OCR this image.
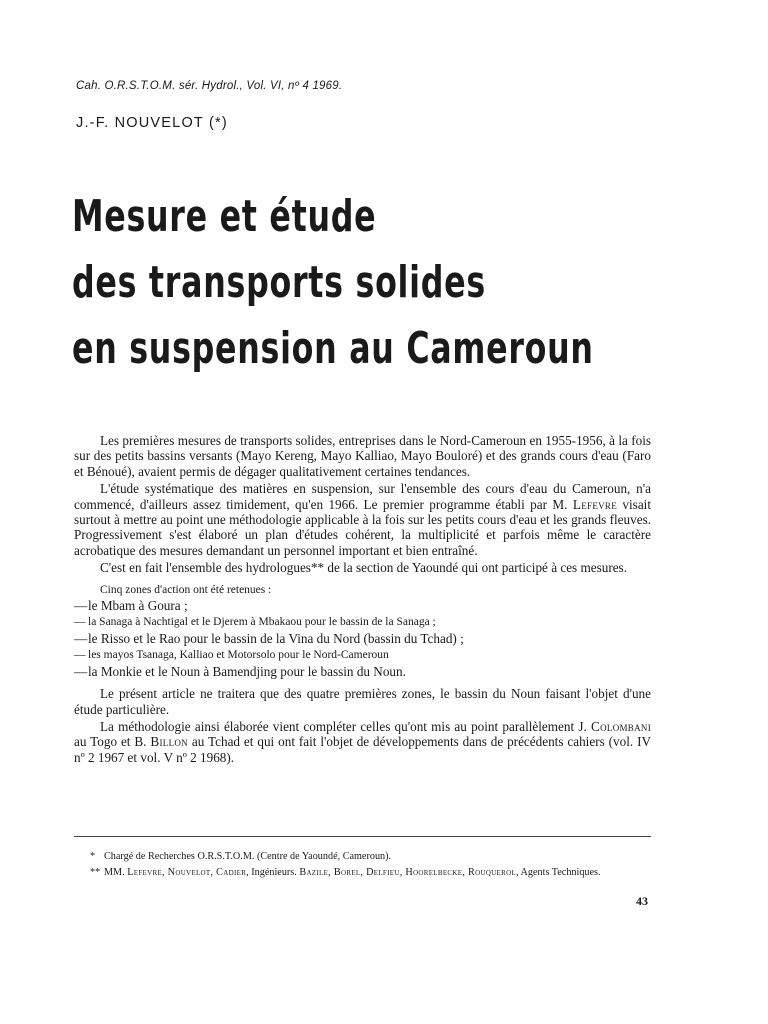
Cah. O.R.S.T.O.M. sér. Hydrol., Vol. VI, nº 4 1969.
J.-F. NOUVELOT (*)
Mesure et étude
des transports solides
en suspension au Cameroun

Les premières mesures de transports solides, entreprises dans le Nord-Cameroun en 1955-1956, à la fois sur des petits bassins versants (Mayo Kereng, Mayo Kalliao, Mayo Bouloré) et des grands cours d'eau (Faro et Bénoué), avaient permis de dégager qualitativement certaines tendances.

L'étude systématique des matières en suspension, sur l'ensemble des cours d'eau du Cameroun, n'a commencé, d'ailleurs assez timidement, qu'en 1966. Le premier programme établi par M. Lefevre visait surtout à mettre au point une méthodologie applicable à la fois sur les petits cours d'eau et les grands fleuves. Progressivement s'est élaboré un plan d'études cohérent, la multiplicité et parfois même le caractère acrobatique des mesures demandant un personnel important et bien entraîné.

C'est en fait l'ensemble des hydrologues** de la section de Yaoundé qui ont participé à ces mesures.

Cinq zones d'action ont été retenues :
—le Mbam à Goura ;
— la Sanaga à Nachtigal et le Djerem à Mbakaou pour le bassin de la Sanaga ;
—le Risso et le Rao pour le bassin de la Vina du Nord (bassin du Tchad) ;
— les mayos Tsanaga, Kalliao et Motorsolo pour le Nord-Cameroun
—la Monkie et le Noun à Bamendjing pour le bassin du Noun.

Le présent article ne traitera que des quatre premières zones, le bassin du Noun faisant l'objet d'une étude particulière.

La méthodologie ainsi élaborée vient compléter celles qu'ont mis au point parallèlement J. Colombani au Togo et B. Billon au Tchad et qui ont fait l'objet de développements dans de précédents cahiers (vol. IV nº 2 1967 et vol. V nº 2 1968).

* Chargé de Recherches O.R.S.T.O.M. (Centre de Yaoundé, Cameroun).
** MM. Lefevre, Nouvelot, Cadier, Ingénieurs. Bazile, Borel, Delfieu, Hoorelbecke, Rouquerol, Agents Techniques.
43
